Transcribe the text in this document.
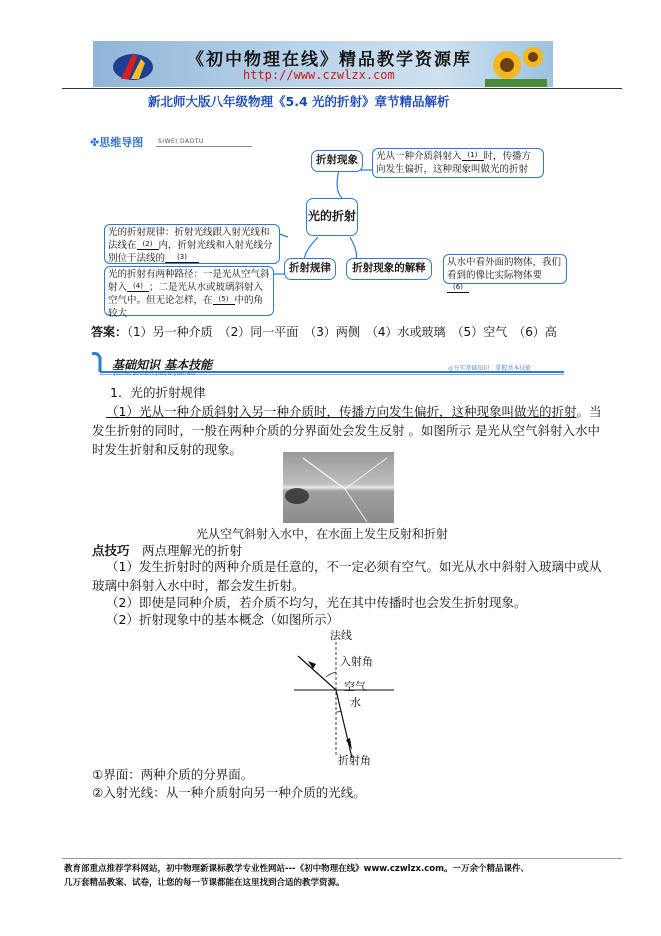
《初中物理在线》精品教学资源库
http://www.czwlzx.com
新北师大版八年级物理《5.4 光的折射》章节精品解析
✤思维导图 SIWEI DAOTU
折射现象	光从一种介质斜射入 (1) 时，传播方向发生偏折，这种现象叫做光的折射
光的折射
光的折射规律：折射光线跟入射光线和法线在 (2) 内，折射光线和入射光线分别位于法线的 (3)
光的折射有两种路径：一是光从空气斜射入 (4) ；二是光从水或玻璃斜射入空气中。但无论怎样，在 (5) 中的角较大
折射规律	折射现象的解释	从水中看外面的物体，我们看到的像比实际物体要(6)
答案：（1）另一种介质　（2）同一平面　（3）两侧　（4）水或玻璃　（5）空气　（6）高
基础知识 基本技能
JICHU ZHISHI JIBEN JINENG
◎夯实基础知识　掌握基本技能
1．光的折射规律
（1）光从一种介质斜射入另一种介质时，传播方向发生偏折，这种现象叫做光的折射。当发生折射的同时，一般在两种介质的分界面处会发生反射 。如图所示 是光从空气斜射入水中时发生折射和反射的现象。
光从空气斜射入水中，在水面上发生反射和折射
点技巧　 两点理解光的折射
（1）发生折射时的两种介质是任意的，不一定必须有空气。如光从水中斜射入玻璃中或从玻璃中斜射入水中时，都会发生折射。
（2）即使是同种介质，若介质不均匀，光在其中传播时也会发生折射现象。
（2）折射现象中的基本概念（如图所示）
法线
入射角
空气
水
折射角
①界面：两种介质的分界面。
②入射光线：从一种介质射向另一种介质的光线。
教育部重点推荐学科网站，初中物理新课标教学专业性网站---《初中物理在线》www.czwlzx.com。一万余个精品课件、
几万套精品教案、试卷，让您的每一节课都能在这里找到合适的教学资源。
